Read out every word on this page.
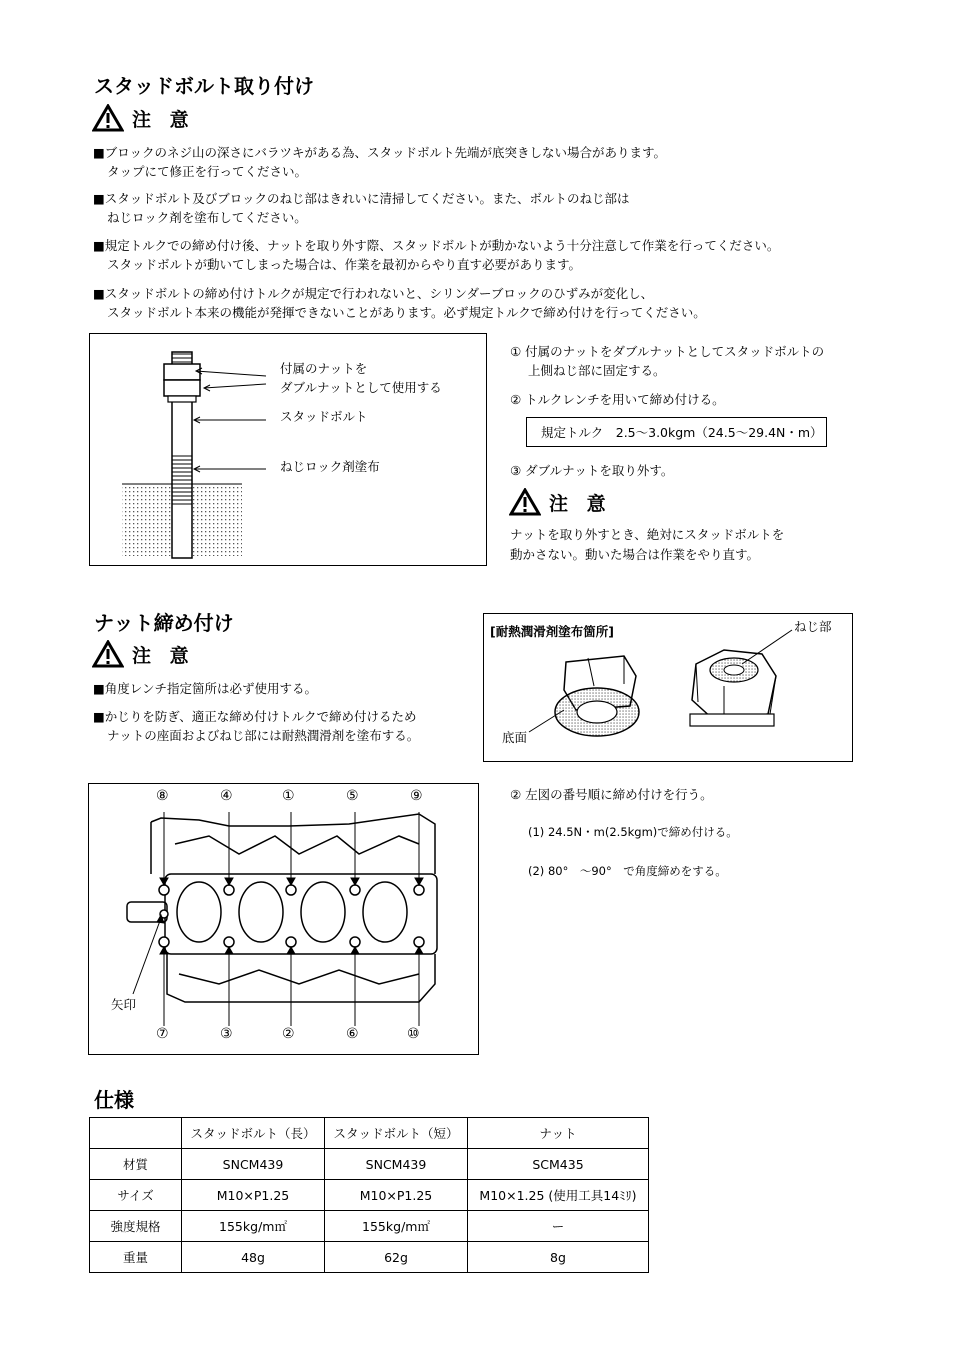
スタッドボルト取り付け
注 意
■ブロックのネジ山の深さにバラツキがある為、スタッドボルト先端が底突きしない場合があります。
タップにて修正を行ってください。
■スタッドボルト及びブロックのねじ部はきれいに清掃してください。また、ボルトのねじ部は
ねじロック剤を塗布してください。
■規定トルクでの締め付け後、ナットを取り外す際、スタッドボルトが動かないよう十分注意して作業を行ってください。
スタッドボルトが動いてしまった場合は、作業を最初からやり直す必要があります。
■スタッドボルトの締め付けトルクが規定で行われないと、シリンダーブロックのひずみが変化し、
スタッドボルト本来の機能が発揮できないことがあります。必ず規定トルクで締め付けを行ってください。
付属のナットを
ダブルナットとして使用する
スタッドボルト
ねじロック剤塗布
① 付属のナットをダブルナットとしてスタッドボルトの
上側ねじ部に固定する。
② トルクレンチを用いて締め付ける。
規定トルク　2.5〜3.0kgm（24.5〜29.4N・m）
③ ダブルナットを取り外す。
注 意
ナットを取り外すとき、絶対にスタッドボルトを
動かさない。動いた場合は作業をやり直す。
ナット締め付け
注 意
■角度レンチ指定箇所は必ず使用する。
■かじりを防ぎ、適正な締め付けトルクで締め付けるため
ナットの座面およびねじ部には耐熱潤滑剤を塗布する。
[耐熱潤滑剤塗布箇所]	ねじ部
底面
⑧	④	①	⑤	⑨
⑦	③	②	⑥	⑩
矢印
② 左図の番号順に締め付けを行う。
(1) 24.5N・m(2.5kgm)で締め付ける。
(2) 80°　〜90°　で角度締めをする。
仕様
	スタッドボルト（長）	スタッドボルト（短）	ナット
材質	SNCM439	SNCM439	SCM435
サイズ	M10×P1.25	M10×P1.25	M10×1.25 (使用工具14ﾐﾘ)
強度規格	155kg/m㎡	155kg/m㎡	ー
重量	48g	62g	8g
